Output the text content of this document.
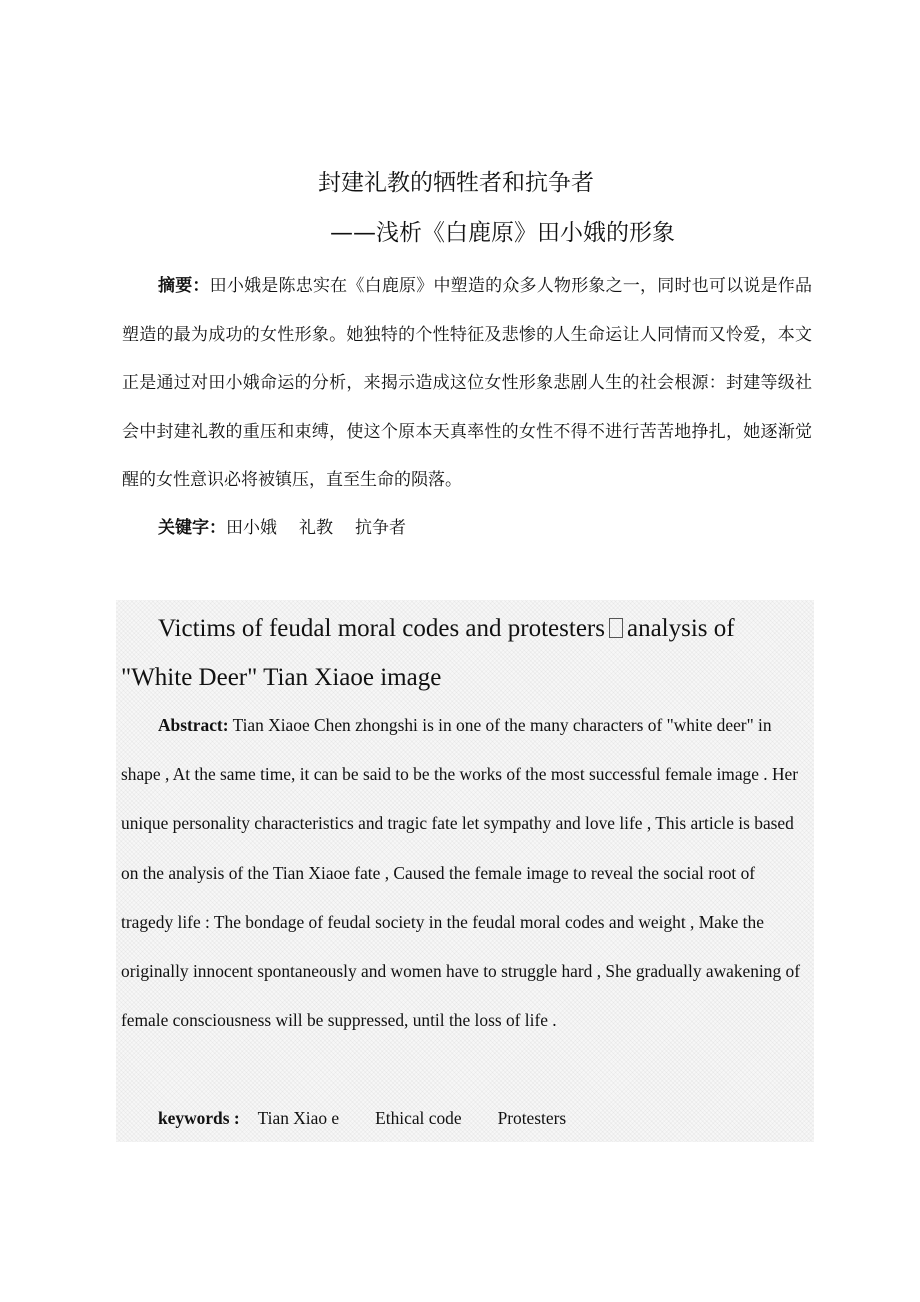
封建礼教的牺牲者和抗争者
——浅析《白鹿原》田小娥的形象

摘要：田小娥是陈忠实在《白鹿原》中塑造的众多人物形象之一，同时也可以说是作品塑造的最为成功的女性形象。她独特的个性特征及悲惨的人生命运让人同情而又怜爱，本文正是通过对田小娥命运的分析，来揭示造成这位女性形象悲剧人生的社会根源：封建等级社会中封建礼教的重压和束缚，使这个原本天真率性的女性不得不进行苦苦地挣扎，她逐渐觉醒的女性意识必将被镇压，直至生命的陨落。

关键字：田小娥 礼教 抗争者

Victims of feudal moral codes and protesters analysis of "White Deer" Tian Xiaoe image

Abstract: Tian Xiaoe Chen zhongshi is in one of the many characters of "white deer" in shape , At the same time, it can be said to be the works of the most successful female image . Her unique personality characteristics and tragic fate let sympathy and love life , This article is based on the analysis of the Tian Xiaoe fate , Caused the female image to reveal the social root of tragedy life : The bondage of feudal society in the feudal moral codes and weight , Make the originally innocent spontaneously and women have to struggle hard , She gradually awakening of female consciousness will be suppressed, until the loss of life .

keywords : Tian Xiao e Ethical code Protesters
